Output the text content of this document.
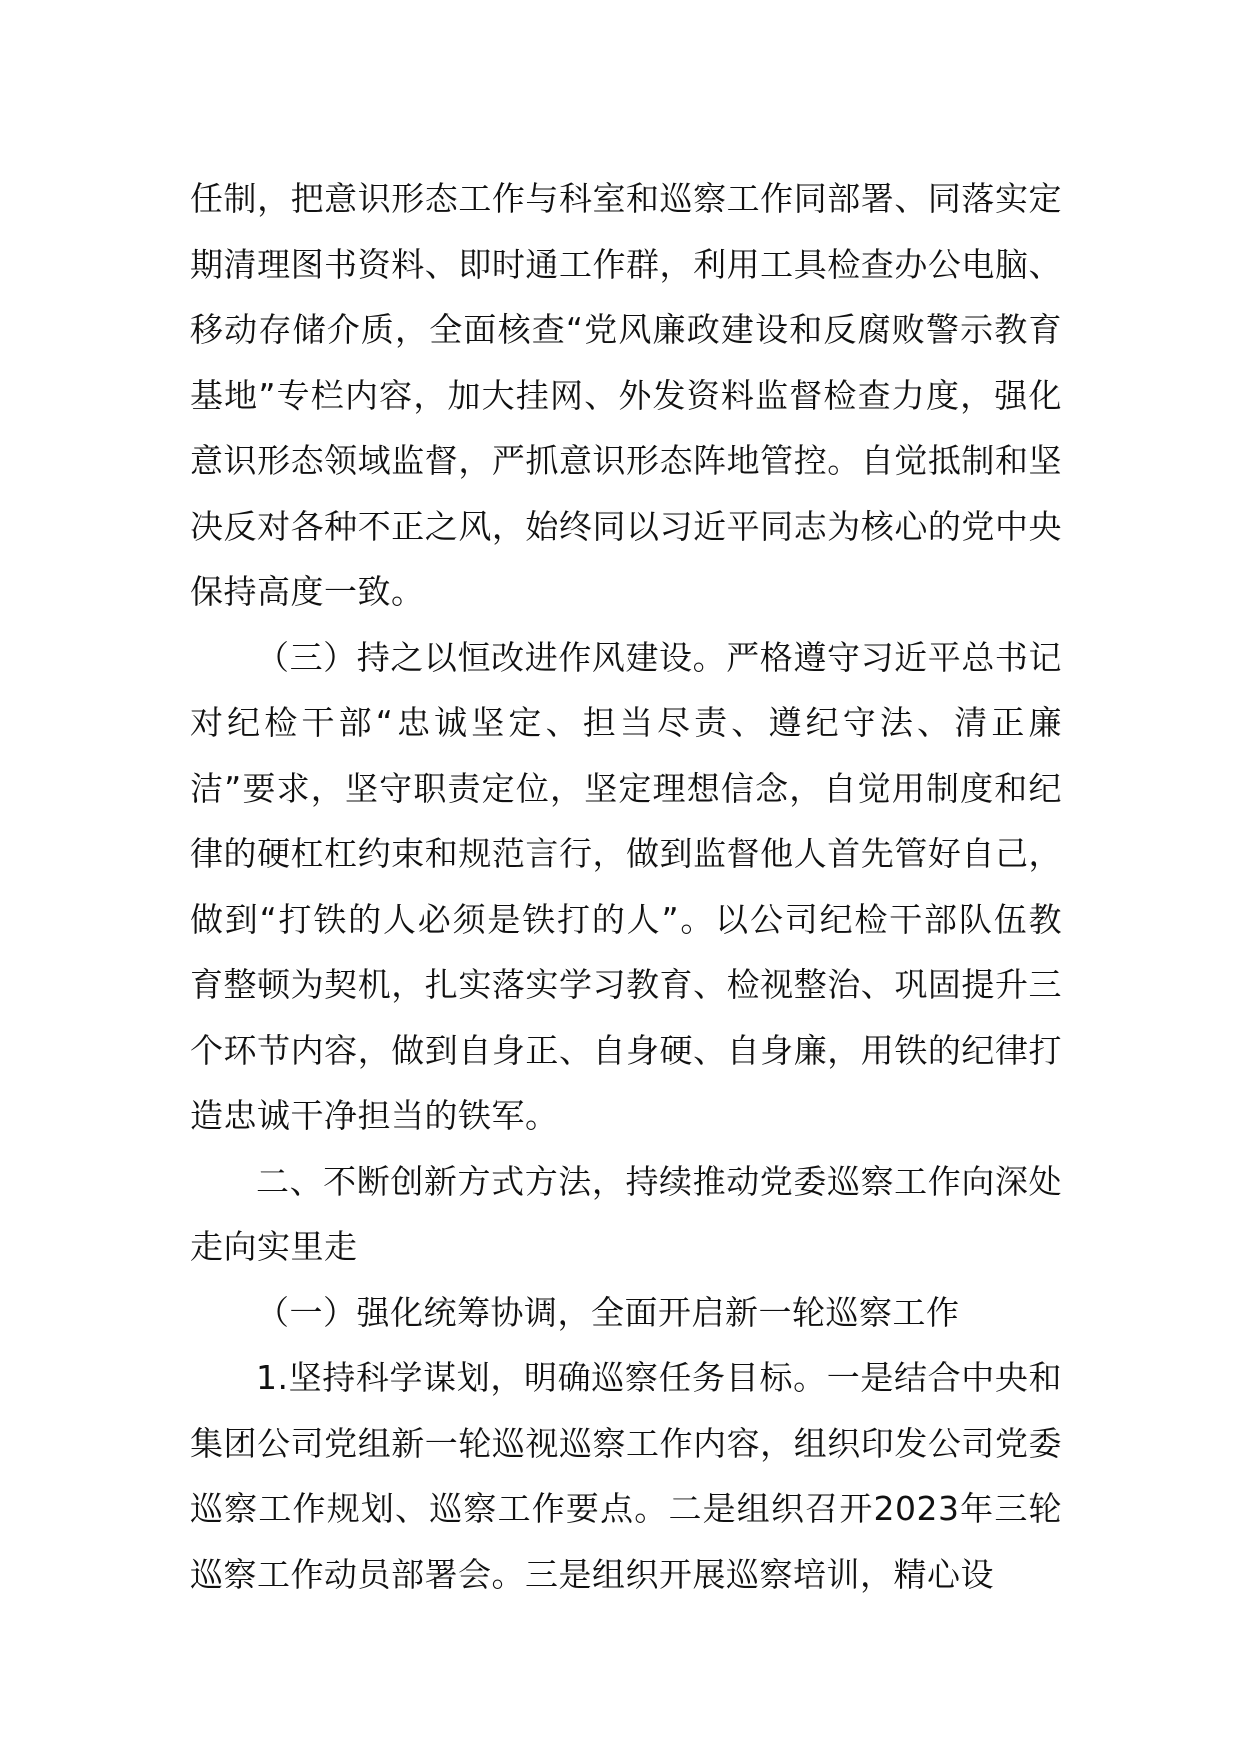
任制，把意识形态工作与科室和巡察工作同部署、同落实定期清理图书资料、即时通工作群，利用工具检查办公电脑、移动存储介质，全面核查“党风廉政建设和反腐败警示教育基地”专栏内容，加大挂网、外发资料监督检查力度，强化意识形态领域监督，严抓意识形态阵地管控。自觉抵制和坚决反对各种不正之风，始终同以习近平同志为核心的党中央保持高度一致。

（三）持之以恒改进作风建设。严格遵守习近平总书记对纪检干部“忠诚坚定、担当尽责、遵纪守法、清正廉洁”要求，坚守职责定位，坚定理想信念，自觉用制度和纪律的硬杠杠约束和规范言行，做到监督他人首先管好自己，做到“打铁的人必须是铁打的人”。以公司纪检干部队伍教育整顿为契机，扎实落实学习教育、检视整治、巩固提升三个环节内容，做到自身正、自身硬、自身廉，用铁的纪律打造忠诚干净担当的铁军。

二、不断创新方式方法，持续推动党委巡察工作向深处走向实里走

（一）强化统筹协调，全面开启新一轮巡察工作

1.坚持科学谋划，明确巡察任务目标。一是结合中央和集团公司党组新一轮巡视巡察工作内容，组织印发公司党委巡察工作规划、巡察工作要点。二是组织召开2023年三轮巡察工作动员部署会。三是组织开展巡察培训，精心设
